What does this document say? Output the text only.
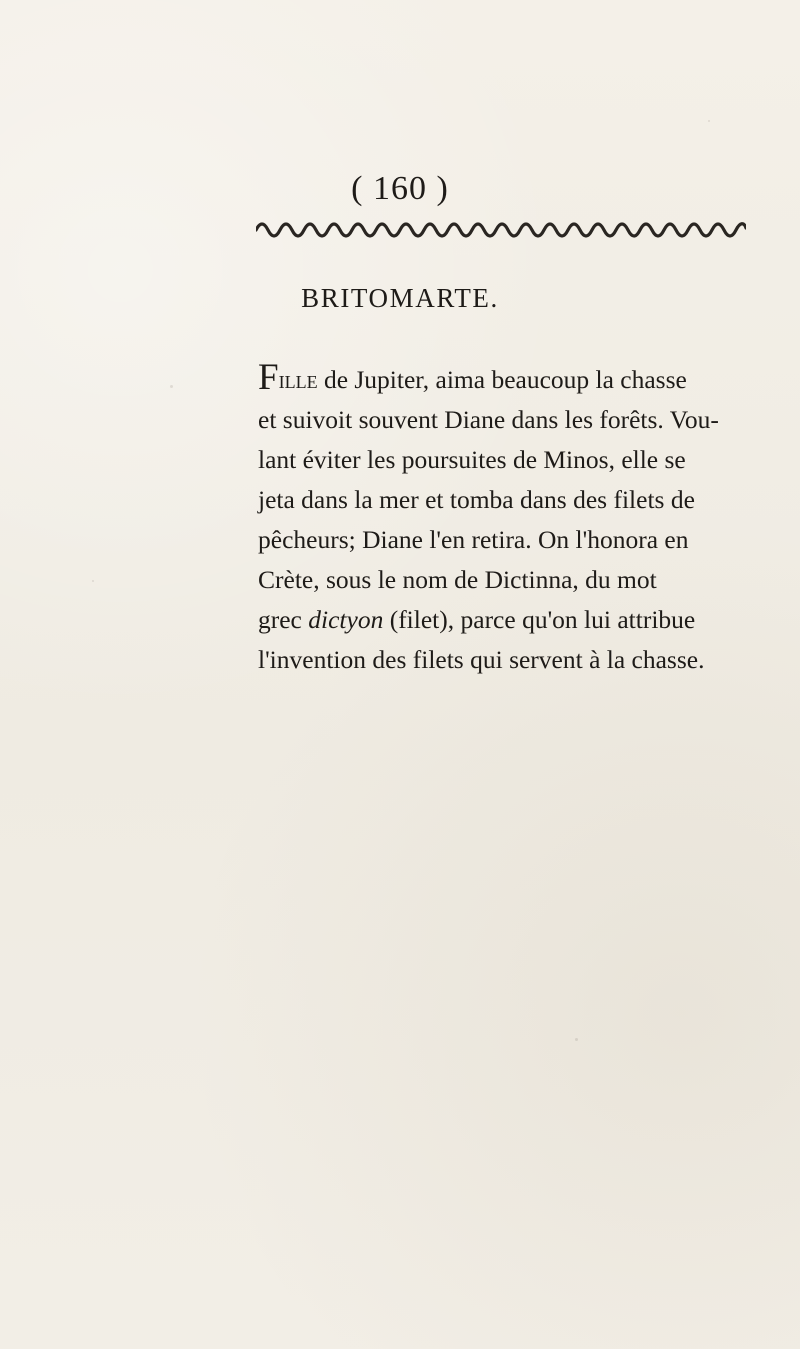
( 160 )
BRITOMARTE.
Fille de Jupiter, aima beaucoup la chasse
et suivoit souvent Diane dans les forêts. Vou-
lant éviter les poursuites de Minos, elle se
jeta dans la mer et tomba dans des filets de
pêcheurs; Diane l'en retira. On l'honora en
Crète, sous le nom de Dictinna, du mot
grec dictyon (filet), parce qu'on lui attribue
l'invention des filets qui servent à la chasse.
